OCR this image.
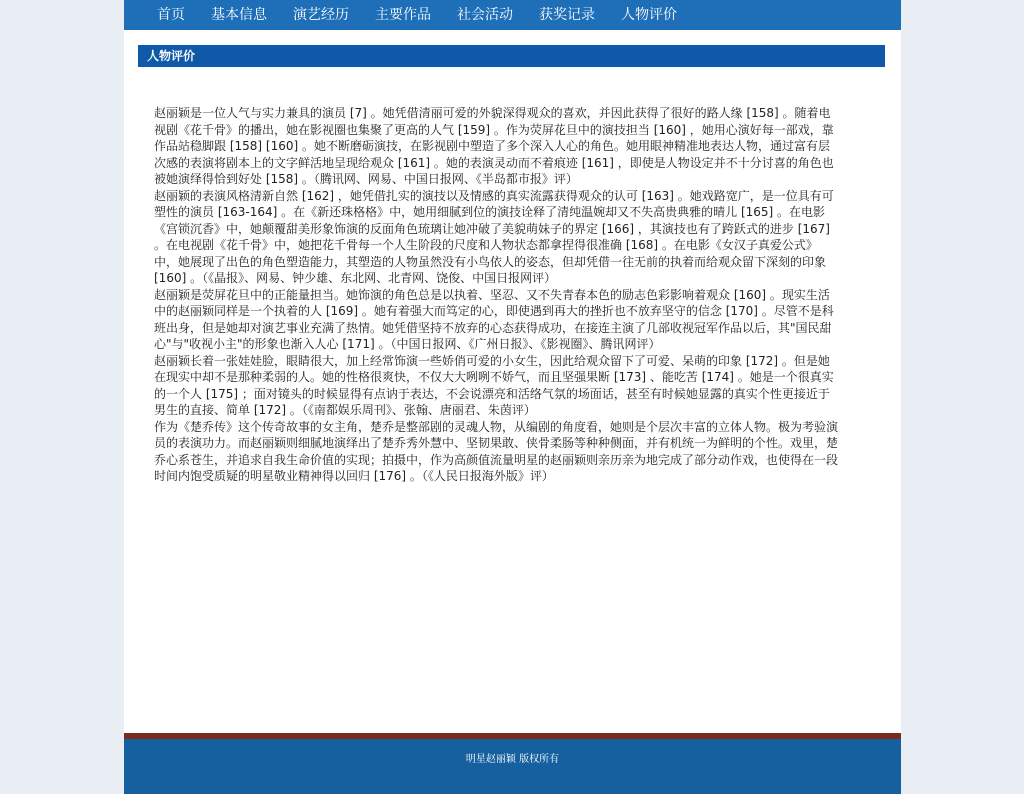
首页	基本信息	演艺经历	主要作品	社会活动	获奖记录	人物评价
人物评价

赵丽颖是一位人气与实力兼具的演员 [7] 。她凭借清丽可爱的外貌深得观众的喜欢，并因此获得了很好的路人缘 [158] 。随着电视剧《花千骨》的播出，她在影视圈也集聚了更高的人气 [159] 。作为荧屏花旦中的演技担当 [160] ，她用心演好每一部戏，靠作品站稳脚跟 [158] [160] 。她不断磨砺演技，在影视剧中塑造了多个深入人心的角色。她用眼神精准地表达人物，通过富有层次感的表演将剧本上的文字鲜活地呈现给观众 [161] 。她的表演灵动而不着痕迹 [161] ，即使是人物设定并不十分讨喜的角色也被她演绎得恰到好处 [158] 。（腾讯网、网易、中国日报网、《半岛都市报》评）

赵丽颖的表演风格清新自然 [162] ，她凭借扎实的演技以及情感的真实流露获得观众的认可 [163] 。她戏路宽广，是一位具有可塑性的演员 [163-164] 。在《新还珠格格》中，她用细腻到位的演技诠释了清纯温婉却又不失高贵典雅的晴儿 [165] 。在电影《宫锁沉香》中，她颠覆甜美形象饰演的反面角色琉璃让她冲破了美貌萌妹子的界定 [166] ，其演技也有了跨跃式的进步 [167] 。在电视剧《花千骨》中，她把花千骨每一个人生阶段的尺度和人物状态都拿捏得很准确 [168] 。在电影《女汉子真爱公式》中，她展现了出色的角色塑造能力，其塑造的人物虽然没有小鸟依人的姿态，但却凭借一往无前的执着而给观众留下深刻的印象 [160] 。（《晶报》、网易、钟少雄、东北网、北青网、饶俊、中国日报网评）

赵丽颖是荧屏花旦中的正能量担当。她饰演的角色总是以执着、坚忍、又不失青春本色的励志色彩影响着观众 [160] 。现实生活中的赵丽颖同样是一个执着的人 [169] 。她有着强大而笃定的心，即使遇到再大的挫折也不放弃坚守的信念 [170] 。尽管不是科班出身，但是她却对演艺事业充满了热情。她凭借坚持不放弃的心态获得成功，在接连主演了几部收视冠军作品以后，其"国民甜心"与"收视小主"的形象也渐入人心 [171] 。（中国日报网、《广州日报》、《影视圈》、腾讯网评）

赵丽颖长着一张娃娃脸，眼睛很大，加上经常饰演一些娇俏可爱的小女生，因此给观众留下了可爱、呆萌的印象 [172] 。但是她在现实中却不是那种柔弱的人。她的性格很爽快，不仅大大咧咧不娇气，而且坚强果断 [173] 、能吃苦 [174] 。她是一个很真实的一个人 [175] ；面对镜头的时候显得有点讷于表达，不会说漂亮和活络气氛的场面话，甚至有时候她显露的真实个性更接近于男生的直接、简单 [172] 。（《南都娱乐周刊》、张翰、唐丽君、朱茵评）

作为《楚乔传》这个传奇故事的女主角，楚乔是整部剧的灵魂人物，从编剧的角度看，她则是个层次丰富的立体人物。极为考验演员的表演功力。而赵丽颖则细腻地演绎出了楚乔秀外慧中、坚韧果敢、侠骨柔肠等种种侧面，并有机统一为鲜明的个性。戏里，楚乔心系苍生，并追求自我生命价值的实现；拍摄中，作为高颜值流量明星的赵丽颖则亲历亲为地完成了部分动作戏，也使得在一段时间内饱受质疑的明星敬业精神得以回归 [176] 。（《人民日报海外版》评）

明星赵丽颖 版权所有
